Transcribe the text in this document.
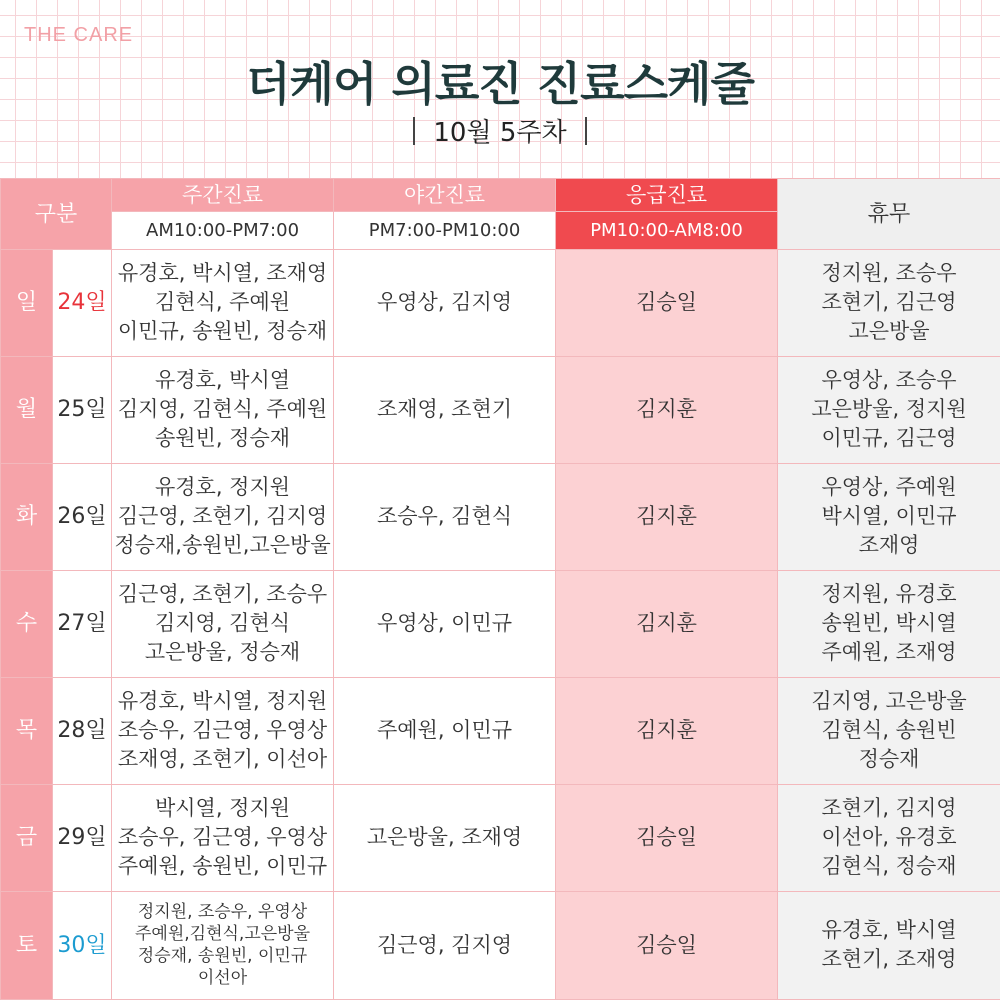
THE CARE
더케어 의료진 진료스케줄
10월 5주차
구분		주간진료	야간진료	응급진료	휴무
		AM10:00-PM7:00	PM7:00-PM10:00	PM10:00-AM8:00	
일	24일	유경호, 박시열, 조재영
김현식, 주예원
이민규, 송원빈, 정승재	우영상, 김지영	김승일	정지원, 조승우
조현기, 김근영
고은방울

월	25일	유경호, 박시열
김지영, 김현식, 주예원
송원빈, 정승재	조재영, 조현기	김지훈	우영상, 조승우
고은방울, 정지원
이민규, 김근영

화	26일	유경호, 정지원
김근영, 조현기, 김지영
정승재,송원빈,고은방울	조승우, 김현식	김지훈	우영상, 주예원
박시열, 이민규
조재영

수	27일	김근영, 조현기, 조승우
김지영, 김현식
고은방울, 정승재	우영상, 이민규	김지훈	정지원, 유경호
송원빈, 박시열
주예원, 조재영

목	28일	유경호, 박시열, 정지원
조승우, 김근영, 우영상
조재영, 조현기, 이선아	주예원, 이민규	김지훈	김지영, 고은방울
김현식, 송원빈
정승재

금	29일	박시열, 정지원
조승우, 김근영, 우영상
주예원, 송원빈, 이민규	고은방울, 조재영	김승일	조현기, 김지영
이선아, 유경호
김현식, 정승재

토	30일	정지원, 조승우, 우영상
주예원,김현식,고은방울
정승재, 송원빈, 이민규
이선아	김근영, 김지영	김승일	유경호, 박시열
조현기, 조재영
